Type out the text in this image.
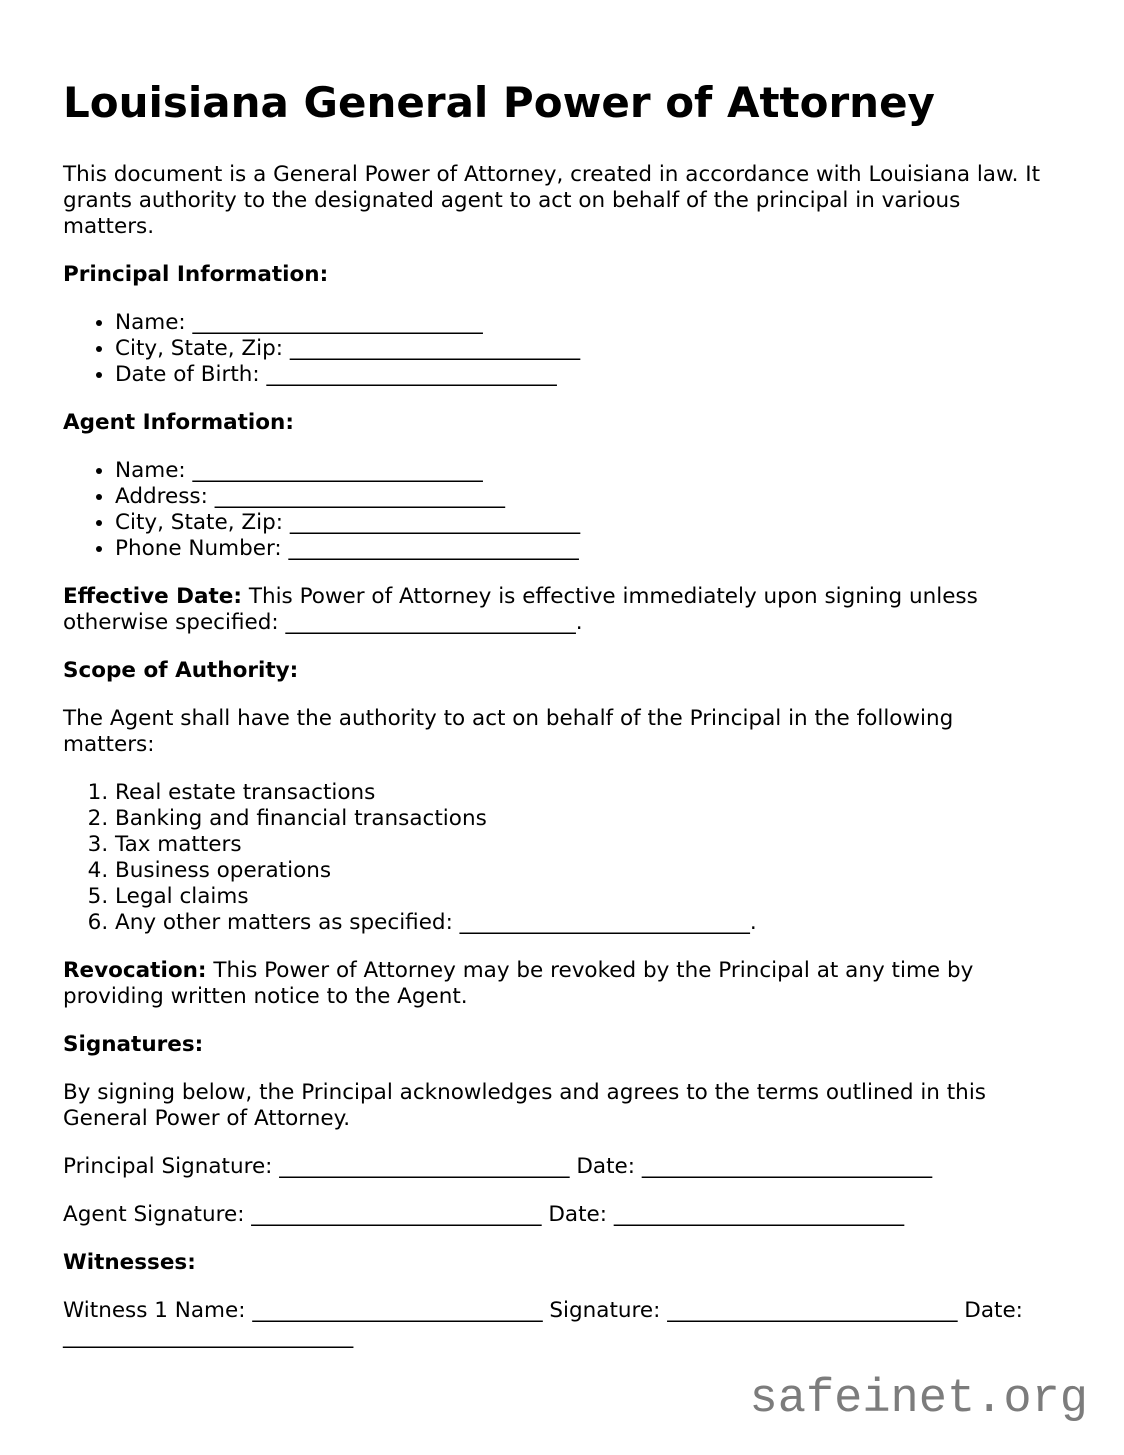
Louisiana General Power of Attorney

This document is a General Power of Attorney, created in accordance with Louisiana law. It grants authority to the designated agent to act on behalf of the principal in various matters.

Principal Information:

• Name: ___________________________
• City, State, Zip: ___________________________
• Date of Birth: ___________________________

Agent Information:

• Name: ___________________________
• Address: ___________________________
• City, State, Zip: ___________________________
• Phone Number: ___________________________

Effective Date: This Power of Attorney is effective immediately upon signing unless otherwise specified: ___________________________.

Scope of Authority:

The Agent shall have the authority to act on behalf of the Principal in the following matters:

1. Real estate transactions
2. Banking and financial transactions
3. Tax matters
4. Business operations
5. Legal claims
6. Any other matters as specified: ___________________________.

Revocation: This Power of Attorney may be revoked by the Principal at any time by providing written notice to the Agent.

Signatures:

By signing below, the Principal acknowledges and agrees to the terms outlined in this General Power of Attorney.

Principal Signature: ___________________________ Date: ___________________________

Agent Signature: ___________________________ Date: ___________________________

Witnesses:

Witness 1 Name: ___________________________ Signature: ___________________________ Date: ___________________________

safeinet.org
